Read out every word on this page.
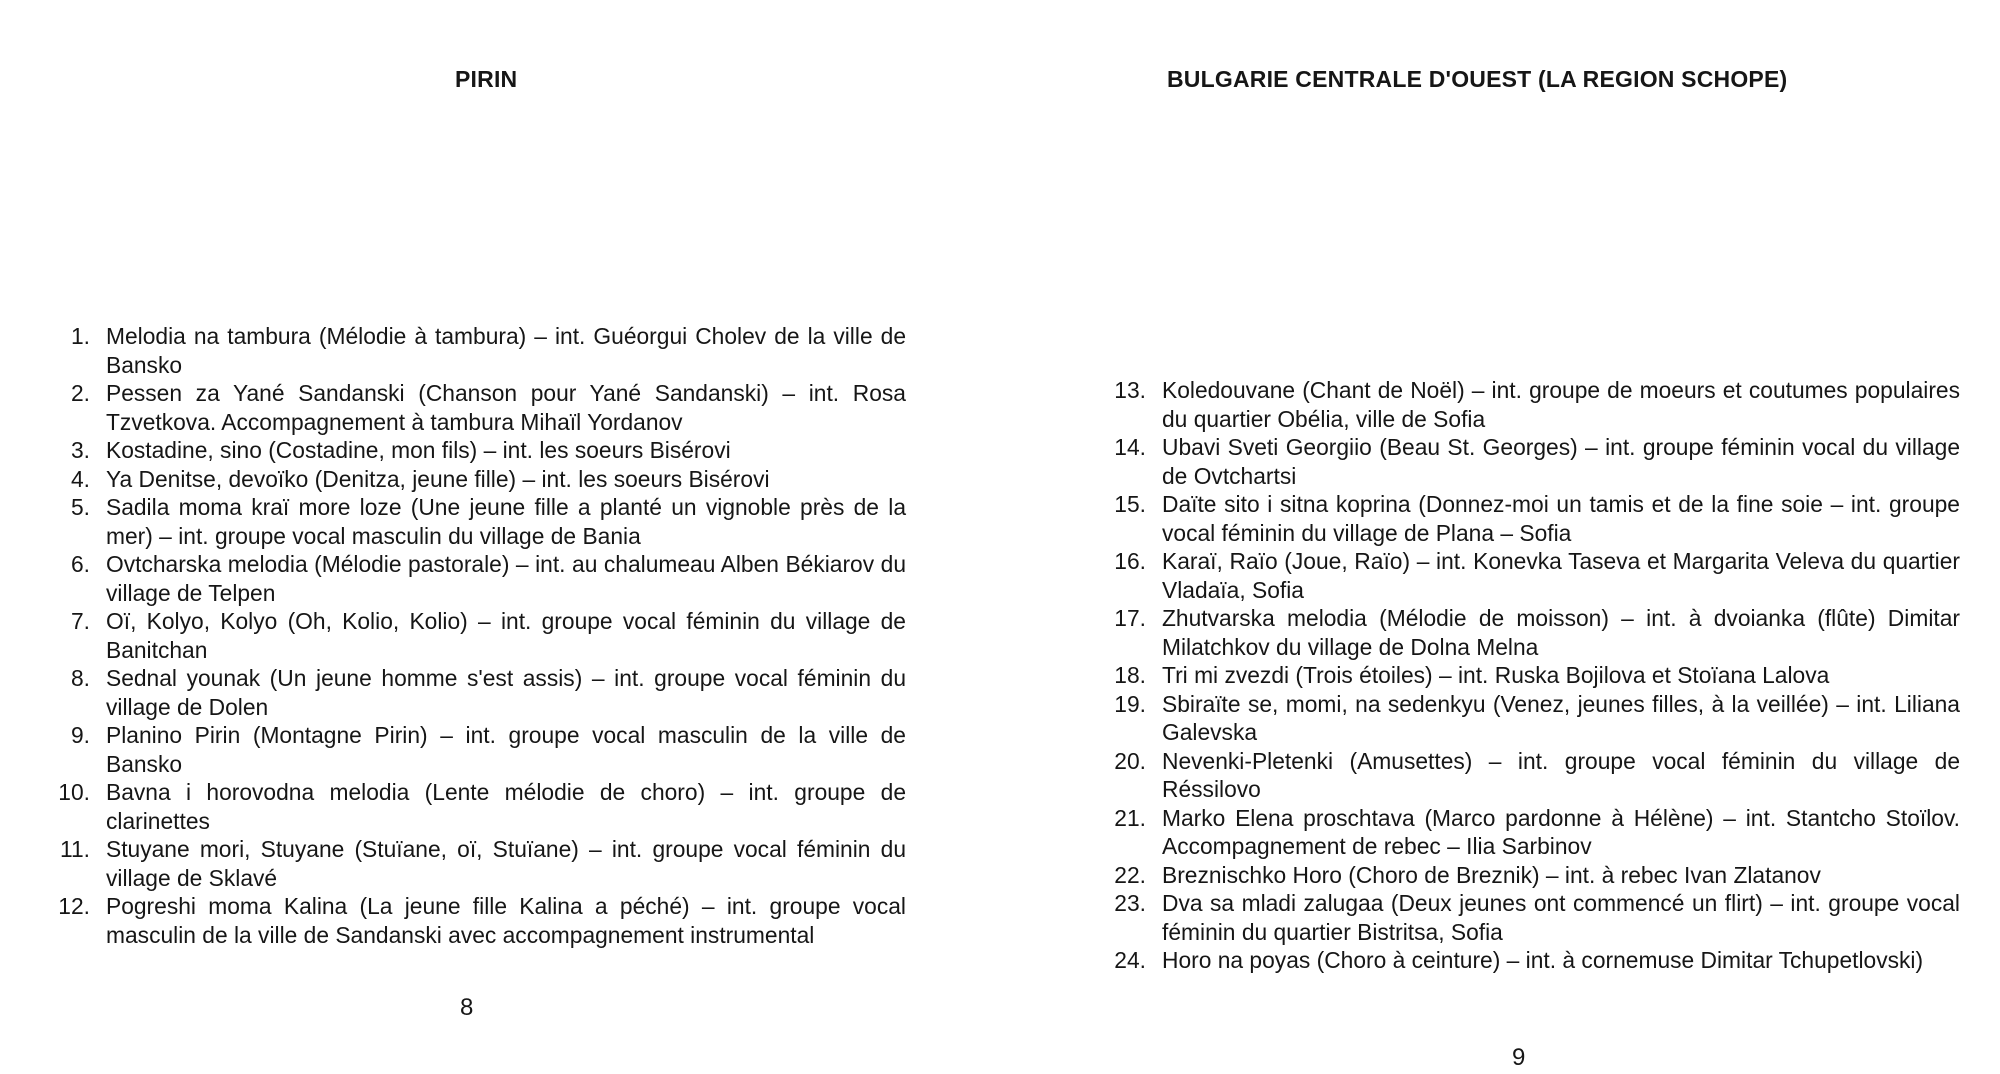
PIRIN
1. Melodia na tambura (Mélodie à tambura) – int. Guéorgui Cholev de la ville de Bansko
2. Pessen za Yané Sandanski (Chanson pour Yané Sandanski) – int. Rosa Tzvetkova. Accompagnement à tambura Mihaïl Yordanov
3. Kostadine, sino (Costadine, mon fils) – int. les soeurs Bisérovi
4. Ya Denitse, devoïko (Denitza, jeune fille) – int. les soeurs Bisérovi
5. Sadila moma kraï more loze (Une jeune fille a planté un vignoble près de la mer) – int. groupe vocal masculin du village de Bania
6. Ovtcharska melodia (Mélodie pastorale) – int. au chalumeau Alben Békiarov du village de Telpen
7. Oï, Kolyo, Kolyo (Oh, Kolio, Kolio) – int. groupe vocal féminin du village de Banitchan
8. Sednal younak (Un jeune homme s'est assis) – int. groupe vocal féminin du village de Dolen
9. Planino Pirin (Montagne Pirin) – int. groupe vocal masculin de la ville de Bansko
10. Bavna i horovodna melodia (Lente mélodie de choro) – int. groupe de clarinettes
11. Stuyane mori, Stuyane (Stuïane, oï, Stuïane) – int. groupe vocal féminin du village de Sklavé
12. Pogreshi moma Kalina (La jeune fille Kalina a péché) – int. groupe vocal masculin de la ville de Sandanski avec accompagnement instrumental
8
BULGARIE CENTRALE D'OUEST (LA REGION SCHOPE)
13. Koledouvane (Chant de Noël) – int. groupe de moeurs et coutumes populaires du quartier Obélia, ville de Sofia
14. Ubavi Sveti Georgiio (Beau St. Georges) – int. groupe féminin vocal du village de Ovtchartsi
15. Daïte sito i sitna koprina (Donnez-moi un tamis et de la fine soie – int. groupe vocal féminin du village de Plana – Sofia
16. Karaï, Raïo (Joue, Raïo) – int. Konevka Taseva et Margarita Veleva du quartier Vladaïa, Sofia
17. Zhutvarska melodia (Mélodie de moisson) – int. à dvoianka (flûte) Dimitar Milatchkov du village de Dolna Melna
18. Tri mi zvezdi (Trois étoiles) – int. Ruska Bojilova et Stoïana Lalova
19. Sbiraïte se, momi, na sedenkyu (Venez, jeunes filles, à la veillée) – int. Liliana Galevska
20. Nevenki-Pletenki (Amusettes) – int. groupe vocal féminin du village de Réssilovo
21. Marko Elena proschtava (Marco pardonne à Hélène) – int. Stantcho Stoïlov. Accompagnement de rebec – Ilia Sarbinov
22. Breznischko Horo (Choro de Breznik) – int. à rebec Ivan Zlatanov
23. Dva sa mladi zalugaa (Deux jeunes ont commencé un flirt) – int. groupe vocal féminin du quartier Bistritsa, Sofia
24. Horo na poyas (Choro à ceinture) – int. à cornemuse Dimitar Tchupetlovski)
9
